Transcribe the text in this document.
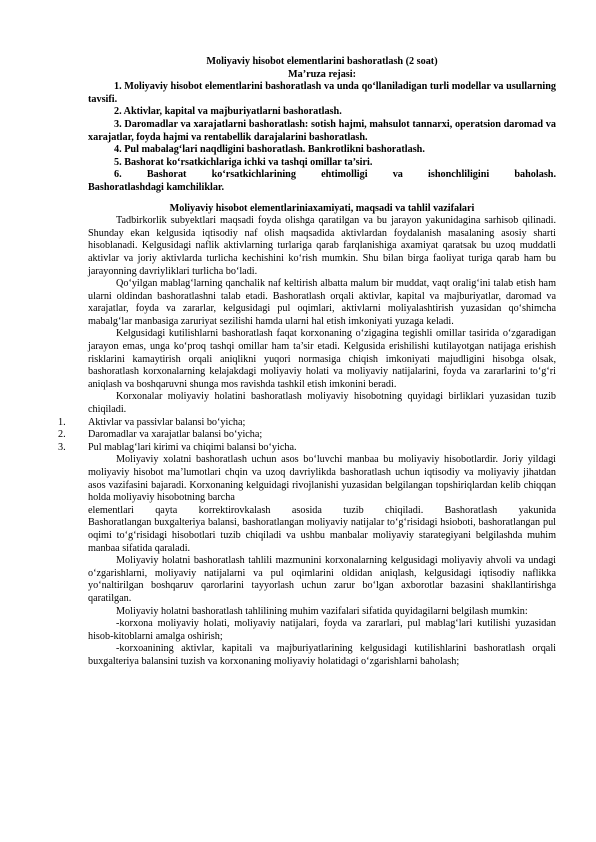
Moliyaviy hisobot elementlarini bashoratlash (2 soat)

Ma’ruza rejasi:

1. Moliyaviy hisobot elementlarini bashoratlash va unda qo‘llaniladigan turli modellar va usullarning tavsifi.

2. Aktivlar, kapital va majburiyatlarni bashoratlash.

3. Daromadlar va xarajatlarni bashoratlash: sotish hajmi, mahsulot tannarxi, operatsion daromad va xarajatlar, foyda hajmi va rentabellik darajalarini bashoratlash.

4. Pul mabalag‘lari naqdligini bashoratlash. Bankrotlikni bashoratlash.

5. Bashorat ko‘rsatkichlariga ichki va tashqi omillar ta’siri.

6. Bashorat ko‘rsatkichlarining ehtimolligi va ishonchliligini baholash.

Bashoratlashdagi kamchiliklar.

Moliyaviy hisobot elementlariniaxamiyati, maqsadi va tahlil vazifalari

Tadbirkorlik subyektlari maqsadi foyda olishga qaratilgan va bu jarayon yakunidagina sarhisob qilinadi. Shunday ekan kelgusida iqtisodiy naf olish maqsadida aktivlardan foydalanish masalaning asosiy sharti hisoblanadi. Kelgusidagi naflik aktivlarning turlariga qarab farqlanishiga axamiyat qaratsak bu uzoq muddatli aktivlar va joriy aktivlarda turlicha kechishini ko‘rish mumkin. Shu bilan birga faoliyat turiga qarab ham bu jarayonning davriyliklari turlicha bo‘ladi.

Qo‘yilgan mablag‘larning qanchalik naf keltirish albatta malum bir muddat, vaqt oralig‘ini talab etish ham ularni oldindan bashoratlashni talab etadi. Bashoratlash orqali aktivlar, kapital va majburiyatlar, daromad va xarajatlar, foyda va zararlar, kelgusidagi pul oqimlari, aktivlarni moliyalashtirish yuzasidan qo‘shimcha mabalg‘lar manbasiga zaruriyat sezilishi hamda ularni hal etish imkoniyati yuzaga keladi.

Kelgusidagi kutilishlarni bashoratlash faqat korxonaning o‘zigagina tegishli omillar tasirida o‘zgaradigan jarayon emas, unga ko‘proq tashqi omillar ham ta’sir etadi. Kelgusida erishilishi kutilayotgan natijaga erishish risklarini kamaytirish orqali aniqlikni yuqori normasiga chiqish imkoniyati majudligini hisobga olsak, bashoratlash korxonalarning kelajakdagi moliyaviy holati va moliyaviy natijalarini, foyda va zararlarini to‘g‘ri aniqlash va boshqaruvni shunga mos ravishda tashkil etish imkonini beradi.

Korxonalar moliyaviy holatini bashoratlash moliyaviy hisobotning quyidagi birliklari yuzasidan tuzib chiqiladi.

1. Aktivlar va passivlar balansi bo‘yicha;
2. Daromadlar va xarajatlar balansi bo‘yicha;
3. Pul mablag‘lari kirimi va chiqimi balansi bo‘yicha.

Moliyaviy xolatni bashoratlash uchun asos bo‘luvchi manbaa bu moliyaviy hisobotlardir. Joriy yildagi moliyaviy hisobot ma’lumotlari chqin va uzoq davriylikda bashoratlash uchun iqtisodiy va moliyaviy jihatdan asos vazifasini bajaradi. Korxonaning kelguidagi rivojlanishi yuzasidan belgilangan topshiriqlardan kelib chiqqan holda moliyaviy hisobotning barcha

elementlari qayta korrektirovkalash asosida tuzib chiqiladi. Bashoratlash yakunida

Bashoratlangan buxgalteriya balansi, bashoratlangan moliyaviy natijalar to‘g‘risidagi hsioboti, bashoratlangan pul oqimi to‘g‘risidagi hisobotlari tuzib chiqiladi va ushbu manbalar moliyaviy starategiyani belgilashda muhim manbaa sifatida qaraladi.

Moliyaviy holatni bashoratlash tahlili mazmunini korxonalarning kelgusidagi moliyaviy ahvoli va undagi o‘zgarishlarni, moliyaviy natijalarni va pul oqimlarini oldidan aniqlash, kelgusidagi iqtisodiy naflikka yo‘naltirilgan boshqaruv qarorlarini tayyorlash uchun zarur bo‘lgan axborotlar bazasini shakllantirishga qaratilgan.

Moliyaviy holatni bashoratlash tahlilining muhim vazifalari sifatida quyidagilarni belgilash mumkin:

-korxona moliyaviy holati, moliyaviy natijalari, foyda va zararlari, pul mablag‘lari kutilishi yuzasidan hisob-kitoblarni amalga oshirish;

-korxoanining aktivlar, kapitali va majburiyatlarining kelgusidagi kutilishlarini bashoratlash orqali buxgalteriya balansini tuzish va korxonaning moliyaviy holatidagi o‘zgarishlarni baholash;
